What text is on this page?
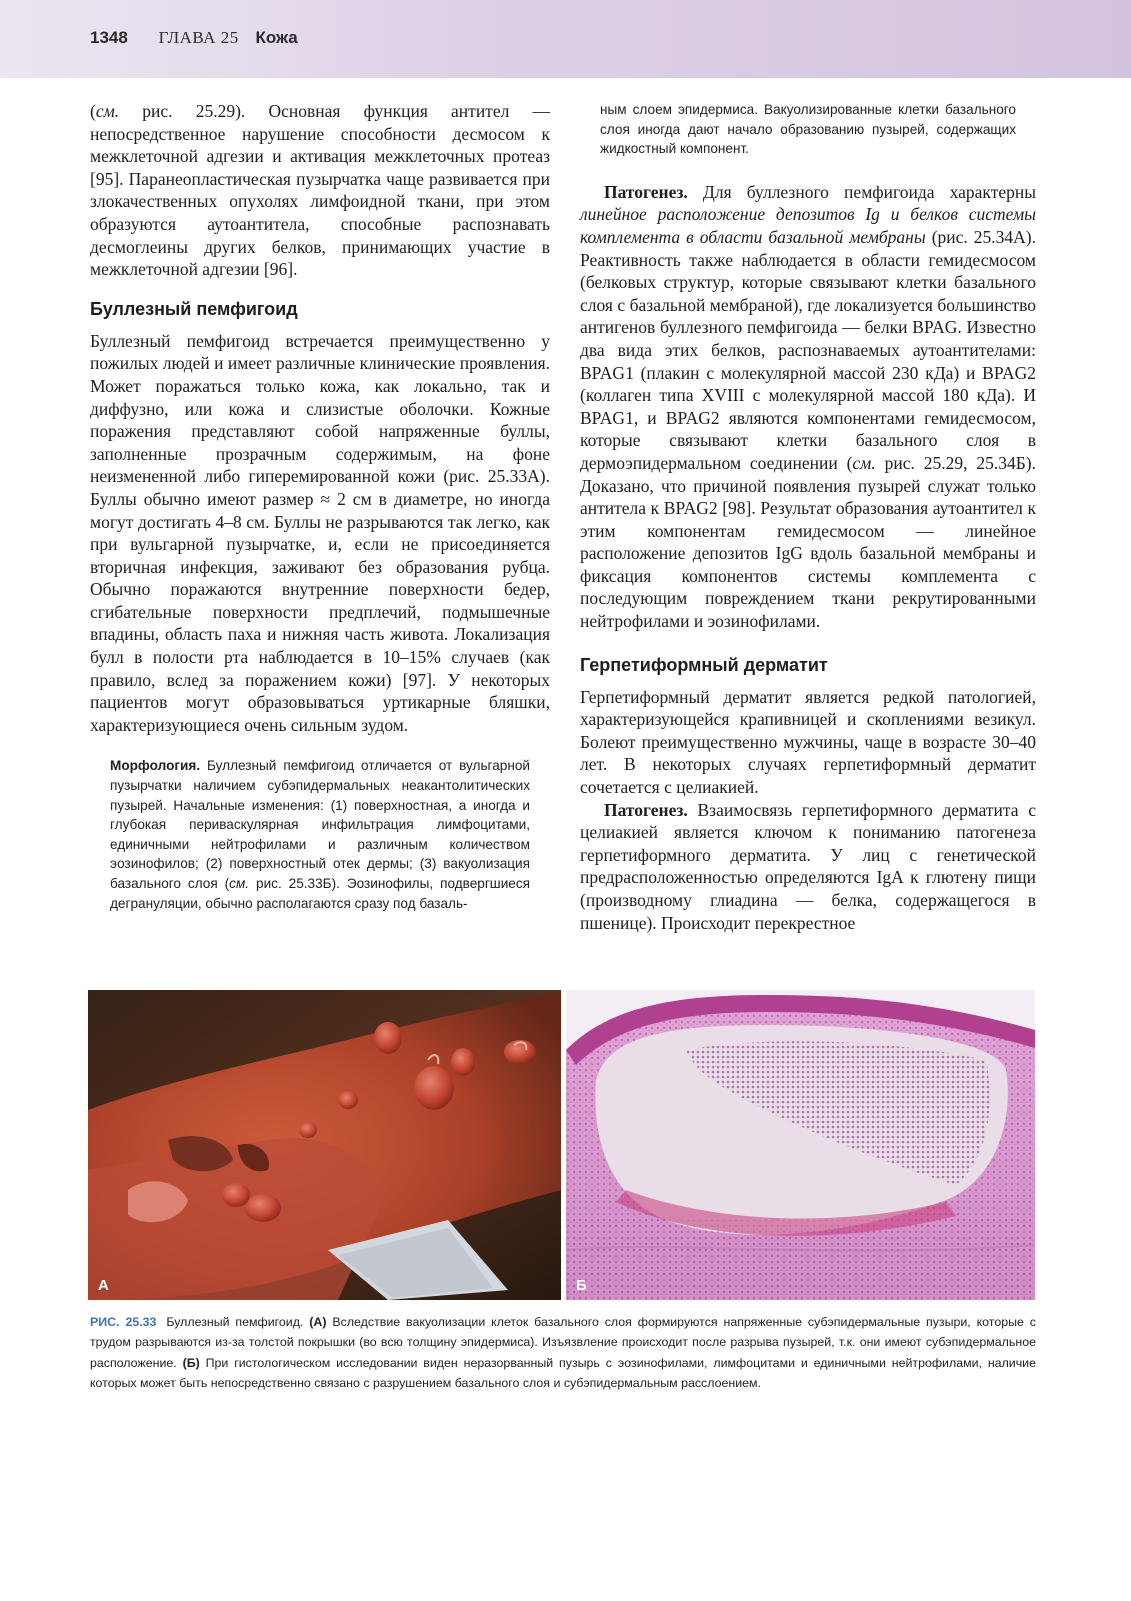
1348 ГЛАВА 25 Кожа

(см. рис. 25.29). Основная функция антител — непосредственное нарушение способности десмосом к межклеточной адгезии и активация межклеточных протеаз [95]. Паранеопластическая пузырчатка чаще развивается при злокачественных опухолях лимфоидной ткани, при этом образуются аутоантитела, способные распознавать десмоглеины других белков, принимающих участие в межклеточной адгезии [96].

Буллезный пемфигоид

Буллезный пемфигоид встречается преимущественно у пожилых людей и имеет различные клинические проявления. Может поражаться только кожа, как локально, так и диффузно, или кожа и слизистые оболочки. Кожные поражения представляют собой напряженные буллы, заполненные прозрачным содержимым, на фоне неизмененной либо гиперемированной кожи (рис. 25.33А). Буллы обычно имеют размер ≈ 2 см в диаметре, но иногда могут достигать 4–8 см. Буллы не разрываются так легко, как при вульгарной пузырчатке, и, если не присоединяется вторичная инфекция, заживают без образования рубца. Обычно поражаются внутренние поверхности бедер, сгибательные поверхности предплечий, подмышечные впадины, область паха и нижняя часть живота. Локализация булл в полости рта наблюдается в 10–15% случаев (как правило, вслед за поражением кожи) [97]. У некоторых пациентов могут образовываться уртикарные бляшки, характеризующиеся очень сильным зудом.

Морфология. Буллезный пемфигоид отличается от вульгарной пузырчатки наличием субэпидермальных неакантолитических пузырей. Начальные изменения: (1) поверхностная, а иногда и глубокая периваскулярная инфильтрация лимфоцитами, единичными нейтрофилами и различным количеством эозинофилов; (2) поверхностный отек дермы; (3) вакуолизация базального слоя (см. рис. 25.33Б). Эозинофилы, подвергшиеся дегрануляции, обычно располагаются сразу под базаль-
ным слоем эпидермиса. Вакуолизированные клетки базального слоя иногда дают начало образованию пузырей, содержащих жидкостный компонент.

Патогенез. Для буллезного пемфигоида характерны линейное расположение депозитов Ig и белков системы комплемента в области базальной мембраны (рис. 25.34А). Реактивность также наблюдается в области гемидесмосом (белковых структур, которые связывают клетки базального слоя с базальной мембраной), где локализуется большинство антигенов буллезного пемфигоида — белки BPAG. Известно два вида этих белков, распознаваемых аутоантителами: BPAG1 (плакин с молекулярной массой 230 кДа) и BPAG2 (коллаген типа XVIII с молекулярной массой 180 кДа). И BPAG1, и BPAG2 являются компонентами гемидесмосом, которые связывают клетки базального слоя в дермоэпидермальном соединении (см. рис. 25.29, 25.34Б). Доказано, что причиной появления пузырей служат только антитела к BPAG2 [98]. Результат образования аутоантител к этим компонентам гемидесмосом — линейное расположение депозитов IgG вдоль базальной мембраны и фиксация компонентов системы комплемента с последующим повреждением ткани рекрутированными нейтрофилами и эозинофилами.

Герпетиформный дерматит

Герпетиформный дерматит является редкой патологией, характеризующейся крапивницей и скоплениями везикул. Болеют преимущественно мужчины, чаще в возрасте 30–40 лет. В некоторых случаях герпетиформный дерматит сочетается с целиакией.

Патогенез. Взаимосвязь герпетиформного дерматита с целиакией является ключом к пониманию патогенеза герпетиформного дерматита. У лиц с генетической предрасположенностью определяются IgA к глютену пищи (производному глиадина — белка, содержащегося в пшенице). Происходит перекрестное

А	Б
РИС. 25.33 Буллезный пемфигоид. (А) Вследствие вакуолизации клеток базального слоя формируются напряженные субэпидермальные пузыри, которые с трудом разрываются из-за толстой покрышки (во всю толщину эпидермиса). Изъязвление происходит после разрыва пузырей, т.к. они имеют субэпидермальное расположение. (Б) При гистологическом исследовании виден неразорванный пузырь с эозинофилами, лимфоцитами и единичными нейтрофилами, наличие которых может быть непосредственно связано с разрушением базального слоя и субэпидермальным расслоением.
